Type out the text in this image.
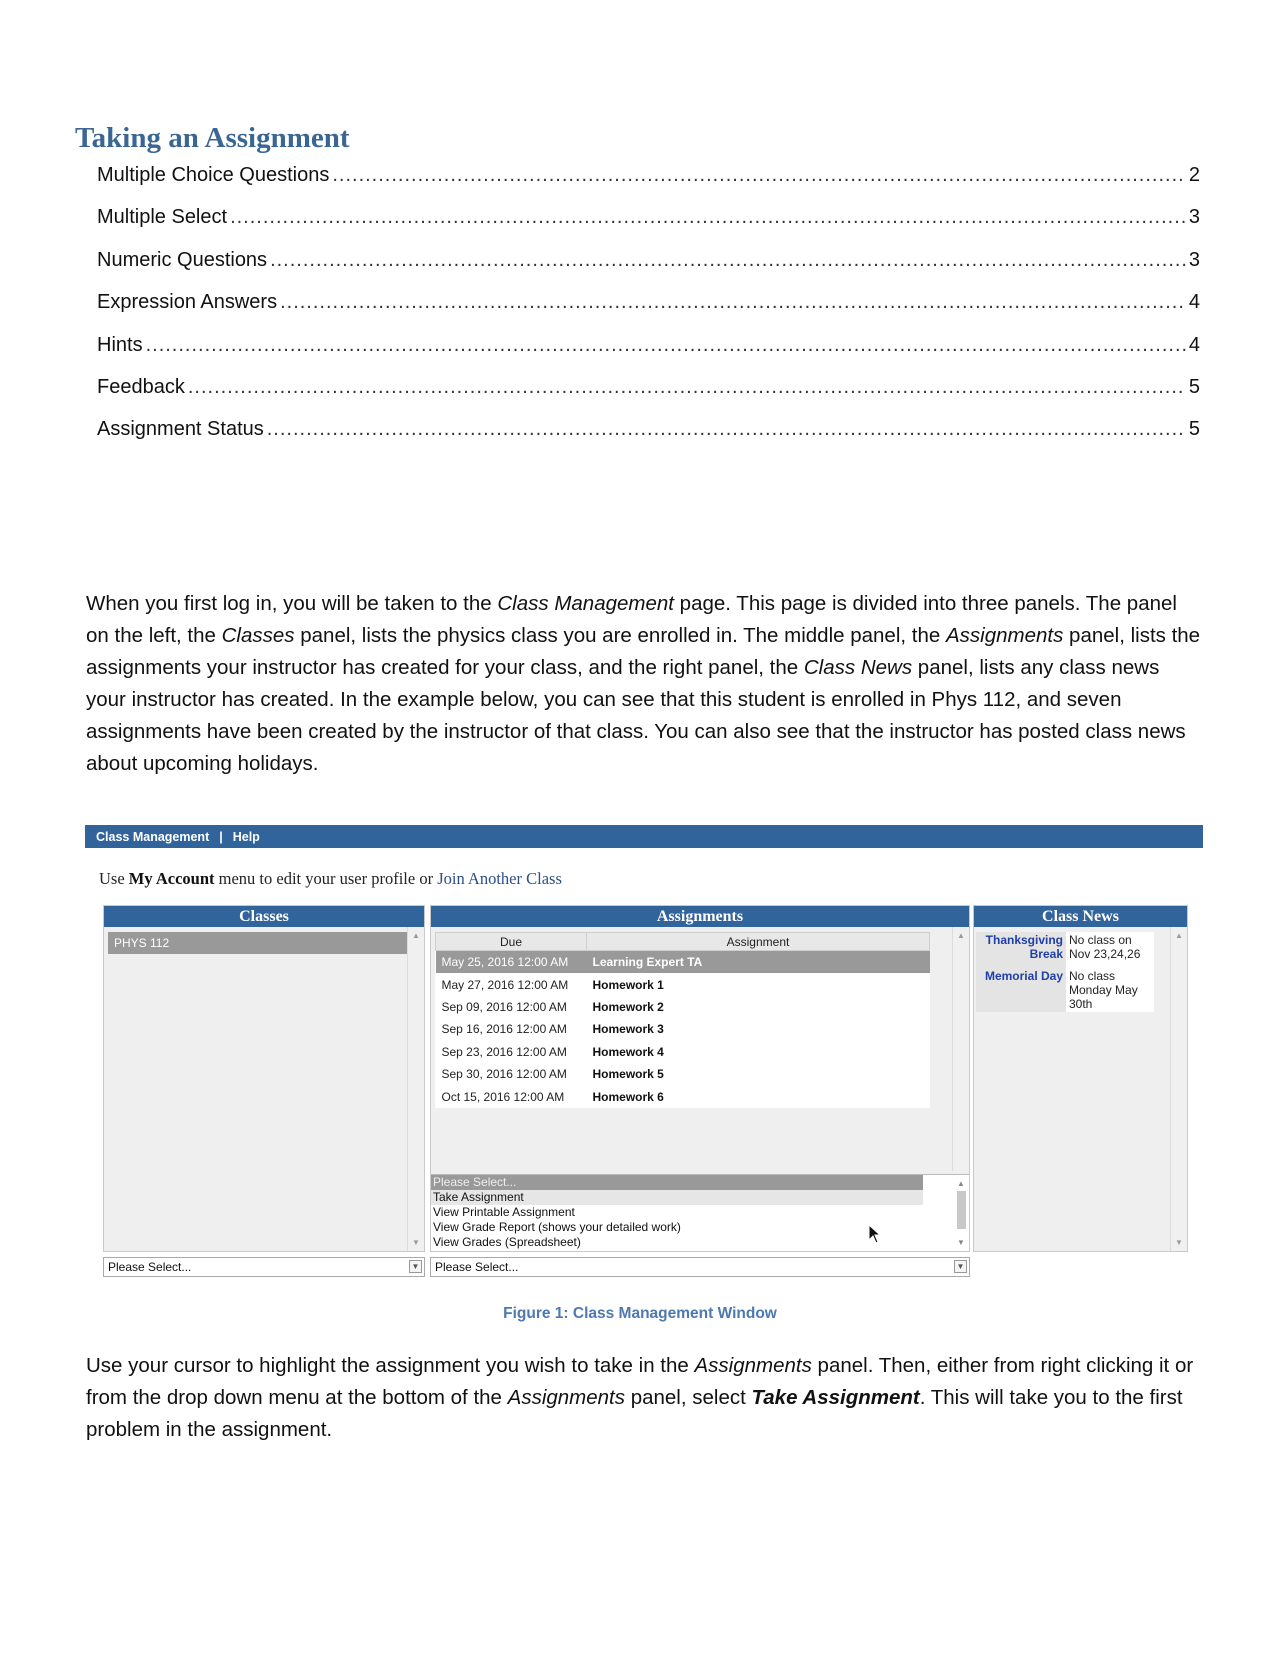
Taking an Assignment
Multiple Choice Questions .....	2
Multiple Select .....	3
Numeric Questions .....	3
Expression Answers .....	4
Hints .....	4
Feedback .....	5
Assignment Status .....	5

When you first log in, you will be taken to the Class Management page. This page is divided into three panels. The panel on the left, the Classes panel, lists the physics class you are enrolled in. The middle panel, the Assignments panel, lists the assignments your instructor has created for your class, and the right panel, the Class News panel, lists any class news your instructor has created. In the example below, you can see that this student is enrolled in Phys 112, and seven assignments have been created by the instructor of that class. You can also see that the instructor has posted class news about upcoming holidays.

Class Management | Help
Use My Account menu to edit your user profile or Join Another Class
Classes
PHYS 112
▲
▼
Please Select...	▼
Assignments
Due	Assignment
May 25, 2016 12:00 AM	Learning Expert TA
May 27, 2016 12:00 AM	Homework 1
Sep 09, 2016 12:00 AM	Homework 2
Sep 16, 2016 12:00 AM	Homework 3
Sep 23, 2016 12:00 AM	Homework 4
Sep 30, 2016 12:00 AM	Homework 5
Oct 15, 2016 12:00 AM	Homework 6
▲
Please Select...
Take Assignment
View Printable Assignment
View Grade Report (shows your detailed work)
View Grades (Spreadsheet)
▲
▼
Please Select...	▼
Class News
Thanksgiving Break	No class on Nov 23,24,26

Memorial Day	No class Monday May 30th
▲
▼
Figure 1: Class Management Window

Use your cursor to highlight the assignment you wish to take in the Assignments panel. Then, either from right clicking it or from the drop down menu at the bottom of the Assignments panel, select Take Assignment. This will take you to the first problem in the assignment.
